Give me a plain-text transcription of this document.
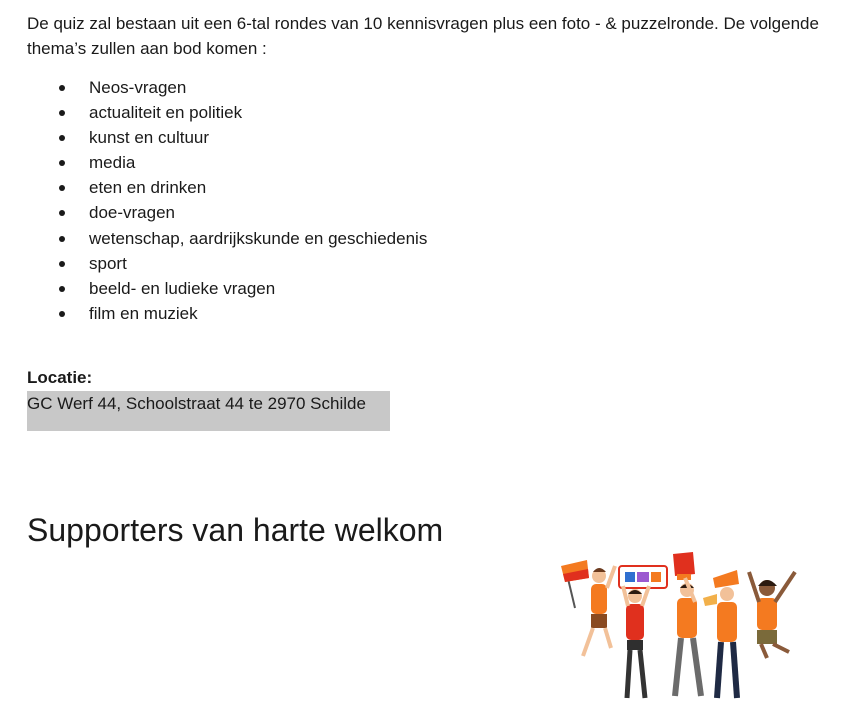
De quiz zal bestaan uit een 6-tal rondes van 10 kennisvragen plus een foto - & puzzelronde. De volgende thema’s zullen aan bod komen :

Neos-vragen
actualiteit en politiek
kunst en cultuur
media
eten en drinken
doe-vragen
wetenschap, aardrijkskunde en geschiedenis
sport
beeld- en ludieke vragen
film en muziek

Locatie:

GC Werf 44, Schoolstraat 44 te 2970 Schilde
Supporters van harte welkom
